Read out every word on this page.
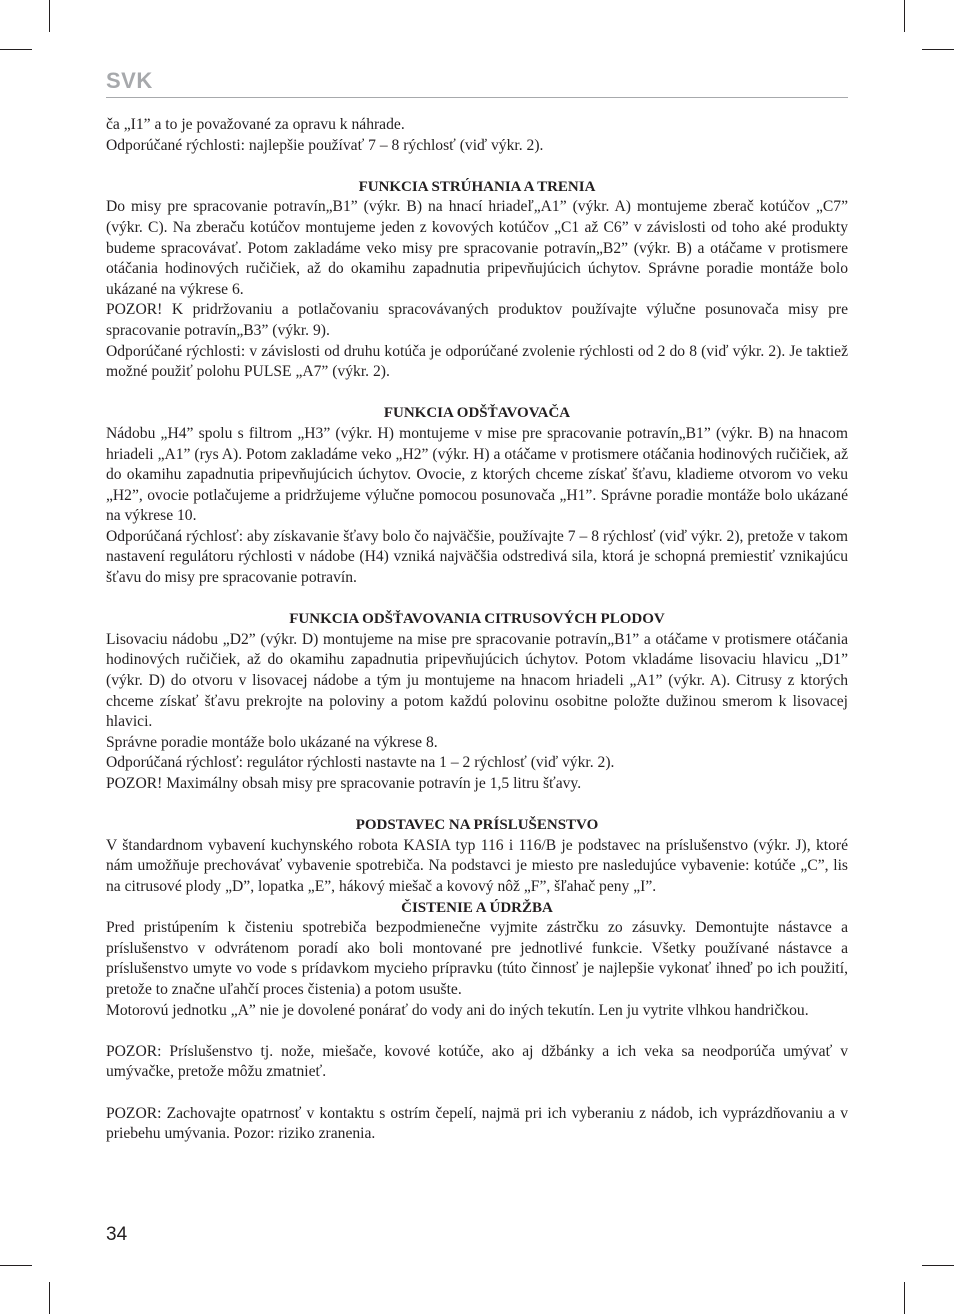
SVK

ča „I1” a to je považované za opravu k náhrade.

Odporúčané rýchlosti: najlepšie používať 7 – 8 rýchlosť (viď výkr. 2).

FUNKCIA STRÚHANIA A TRENIA

Do misy pre spracovanie potravín„B1” (výkr. B) na hnací hriadeľ„A1” (výkr. A) montujeme zberač kotúčov „C7” (výkr. C). Na zberaču kotúčov montujeme jeden z kovových kotúčov „C1 až C6” v závislosti od toho aké produkty budeme spracovávať. Potom zakladáme veko misy pre spracovanie potravín„B2” (výkr. B) a otáčame v protismere otáčania hodinových ručičiek, až do okamihu zapadnutia pripevňujúcich úchytov. Správne poradie montáže bolo ukázané na výkrese 6.

POZOR! K pridržovaniu a potlačovaniu spracovávaných produktov používajte výlučne posunovača misy pre spracovanie potravín„B3” (výkr. 9).

Odporúčané rýchlosti: v závislosti od druhu kotúča je odporúčané zvolenie rýchlosti od 2 do 8 (viď výkr. 2). Je taktiež možné použiť polohu PULSE „A7” (výkr. 2).

FUNKCIA ODŠŤAVOVAČA

Nádobu „H4” spolu s filtrom „H3” (výkr. H) montujeme v mise pre spracovanie potravín„B1” (výkr. B) na hnacom hriadeli „A1” (rys A). Potom zakladáme veko „H2” (výkr. H) a otáčame v protismere otáčania hodinových ručičiek, až do okamihu zapadnutia pripevňujúcich úchytov. Ovocie, z ktorých chceme získať šťavu, kladieme otvorom vo veku „H2”, ovocie potlačujeme a pridržujeme výlučne pomocou posunovača „H1”. Správne poradie montáže bolo ukázané na výkrese 10.

Odporúčaná rýchlosť: aby získavanie šťavy bolo čo najväčšie, používajte 7 – 8 rýchlosť (viď výkr. 2), pretože v takom nastavení regulátoru rýchlosti v nádobe (H4) vzniká najväčšia odstredivá sila, ktorá je schopná premiestiť vznikajúcu šťavu do misy pre spracovanie potravín.

FUNKCIA ODŠŤAVOVANIA CITRUSOVÝCH PLODOV

Lisovaciu nádobu „D2” (výkr. D) montujeme na mise pre spracovanie potravín„B1” a otáčame v protismere otáčania hodinových ručičiek, až do okamihu zapadnutia pripevňujúcich úchytov. Potom vkladáme lisovaciu hlavicu „D1” (výkr. D) do otvoru v lisovacej nádobe a tým ju montujeme na hnacom hriadeli „A1” (výkr. A). Citrusy z ktorých chceme získať šťavu prekrojte na poloviny a potom každú polovinu osobitne položte dužinou smerom k lisovacej hlavici.

Správne poradie montáže bolo ukázané na výkrese 8.

Odporúčaná rýchlosť: regulátor rýchlosti nastavte na 1 – 2 rýchlosť (viď výkr. 2).

POZOR! Maximálny obsah misy pre spracovanie potravín je 1,5 litru šťavy.

PODSTAVEC NA PRÍSLUŠENSTVO

V štandardnom vybavení kuchynského robota KASIA typ 116 i 116/B je podstavec na príslušenstvo (výkr. J), ktoré nám umožňuje prechovávať vybavenie spotrebiča. Na podstavci je miesto pre nasledujúce vybavenie: kotúče „C”, lis na citrusové plody „D”, lopatka „E”, hákový miešač a kovový nôž „F”, šľahač peny „I”.

ČISTENIE A ÚDRŽBA

Pred pristúpením k čisteniu spotrebiča bezpodmienečne vyjmite zástrčku zo zásuvky. Demontujte nástavce a príslušenstvo v odvrátenom poradí ako boli montované pre jednotlivé funkcie. Všetky používané nástavce a príslušenstvo umyte vo vode s prídavkom mycieho prípravku (túto činnosť je najlepšie vykonať ihneď po ich použití, pretože to značne uľahčí proces čistenia) a potom usušte.

Motorovú jednotku „A” nie je dovolené ponárať do vody ani do iných tekutín. Len ju vytrite vlhkou handričkou.

POZOR: Príslušenstvo tj. nože, miešače, kovové kotúče, ako aj džbánky a ich veka sa neodporúča umývať v umývačke, pretože môžu zmatnieť.

POZOR: Zachovajte opatrnosť v kontaktu s ostrím čepelí, najmä pri ich vyberaniu z nádob, ich vyprázdňovaniu a v priebehu umývania. Pozor: riziko zranenia.

34
